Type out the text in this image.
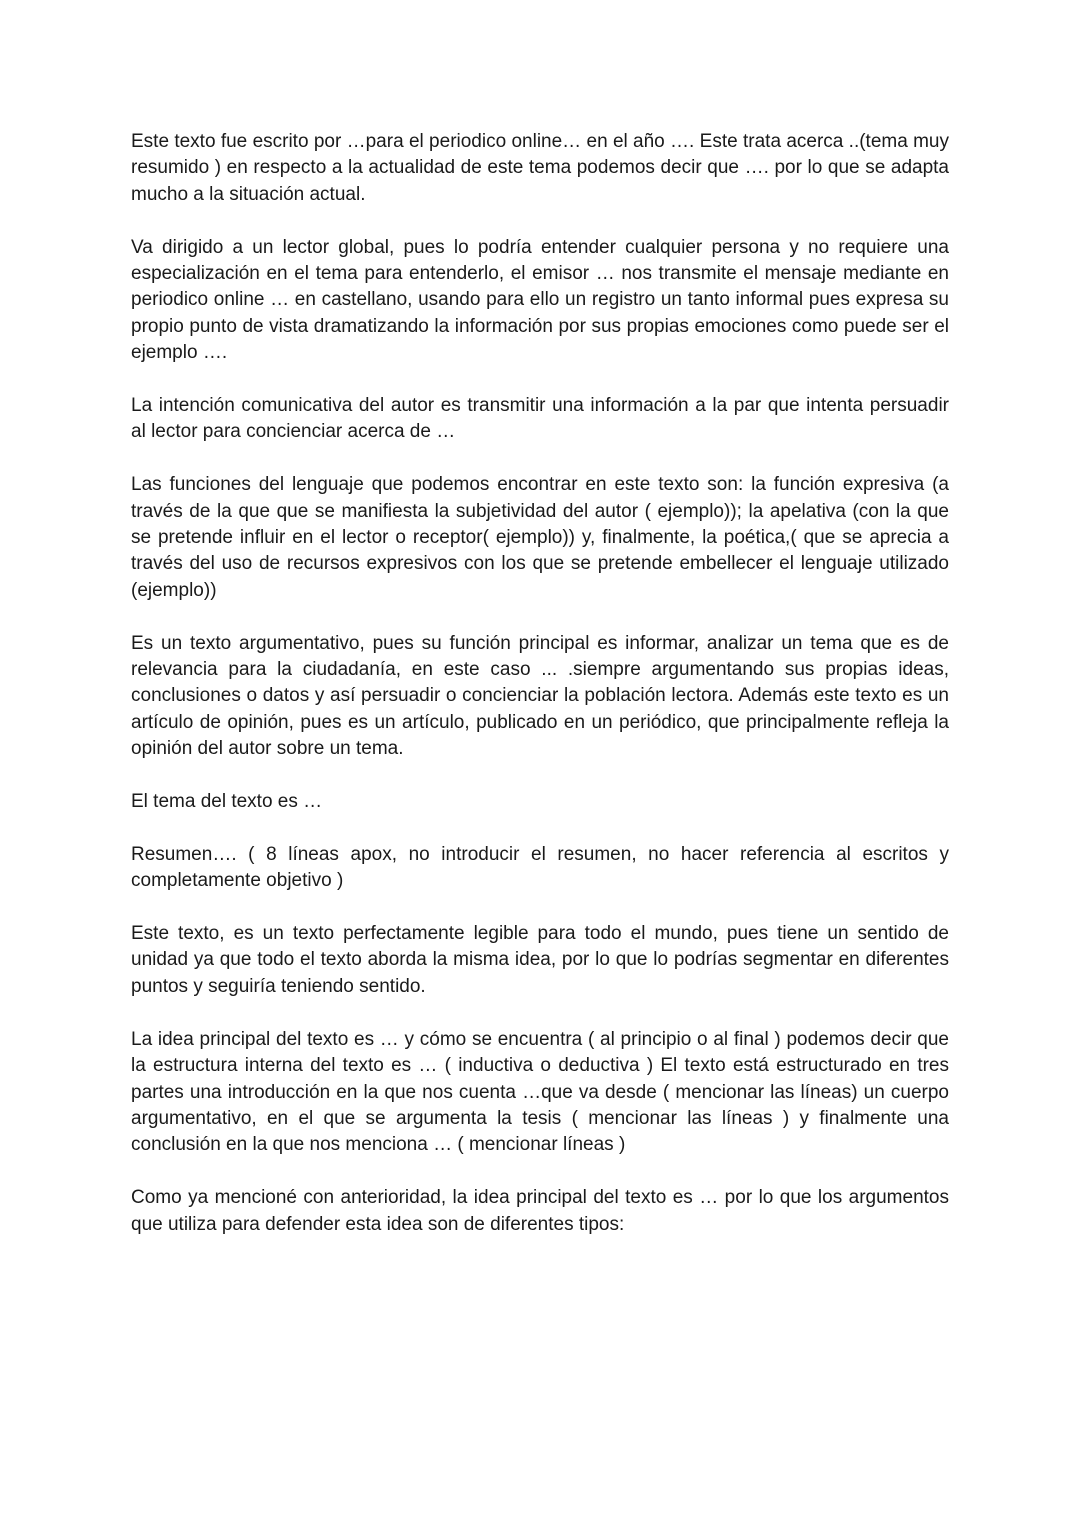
Este texto fue escrito por …para el periodico online… en el año …. Este trata acerca ..(tema muy resumido ) en respecto a la actualidad de este tema podemos decir que …. por lo que se adapta mucho a la situación actual.

Va dirigido a un lector global, pues lo podría entender cualquier persona y no requiere una especialización en el tema para entenderlo, el emisor … nos transmite el mensaje mediante en periodico online … en castellano, usando para ello un registro un tanto informal pues expresa su propio punto de vista dramatizando la información por sus propias emociones como puede ser el ejemplo ….

La intención comunicativa del autor es transmitir una información a la par que intenta persuadir al lector para concienciar acerca de …

Las funciones del lenguaje que podemos encontrar en este texto son: la función expresiva (a través de la que que se manifiesta la subjetividad del autor ( ejemplo)); la apelativa (con la que se pretende influir en el lector o receptor( ejemplo)) y, finalmente, la poética,( que se aprecia a través del uso de recursos expresivos con los que se pretende embellecer el lenguaje utilizado (ejemplo))

Es un texto argumentativo, pues su función principal es informar, analizar un tema que es de relevancia para la ciudadanía, en este caso ... .siempre argumentando sus propias ideas, conclusiones o datos y así persuadir o concienciar la población lectora. Además este texto es un artículo de opinión, pues es un artículo, publicado en un periódico, que principalmente refleja la opinión del autor sobre un tema.

El tema del texto es …

Resumen…. ( 8 líneas apox, no introducir el resumen, no hacer referencia al escritos y completamente objetivo )

Este texto, es un texto perfectamente legible para todo el mundo, pues tiene un sentido de unidad ya que todo el texto aborda la misma idea, por lo que lo podrías segmentar en diferentes puntos y seguiría teniendo sentido.

La idea principal del texto es … y cómo se encuentra ( al principio o al final ) podemos decir que la estructura interna del texto es … ( inductiva o deductiva ) El texto está estructurado en tres partes una introducción en la que nos cuenta …que va desde ( mencionar las líneas) un cuerpo argumentativo, en el que se argumenta la tesis ( mencionar las líneas ) y finalmente una conclusión en la que nos menciona … ( mencionar líneas )

Como ya mencioné con anterioridad, la idea principal del texto es … por lo que los argumentos que utiliza para defender esta idea son de diferentes tipos:
